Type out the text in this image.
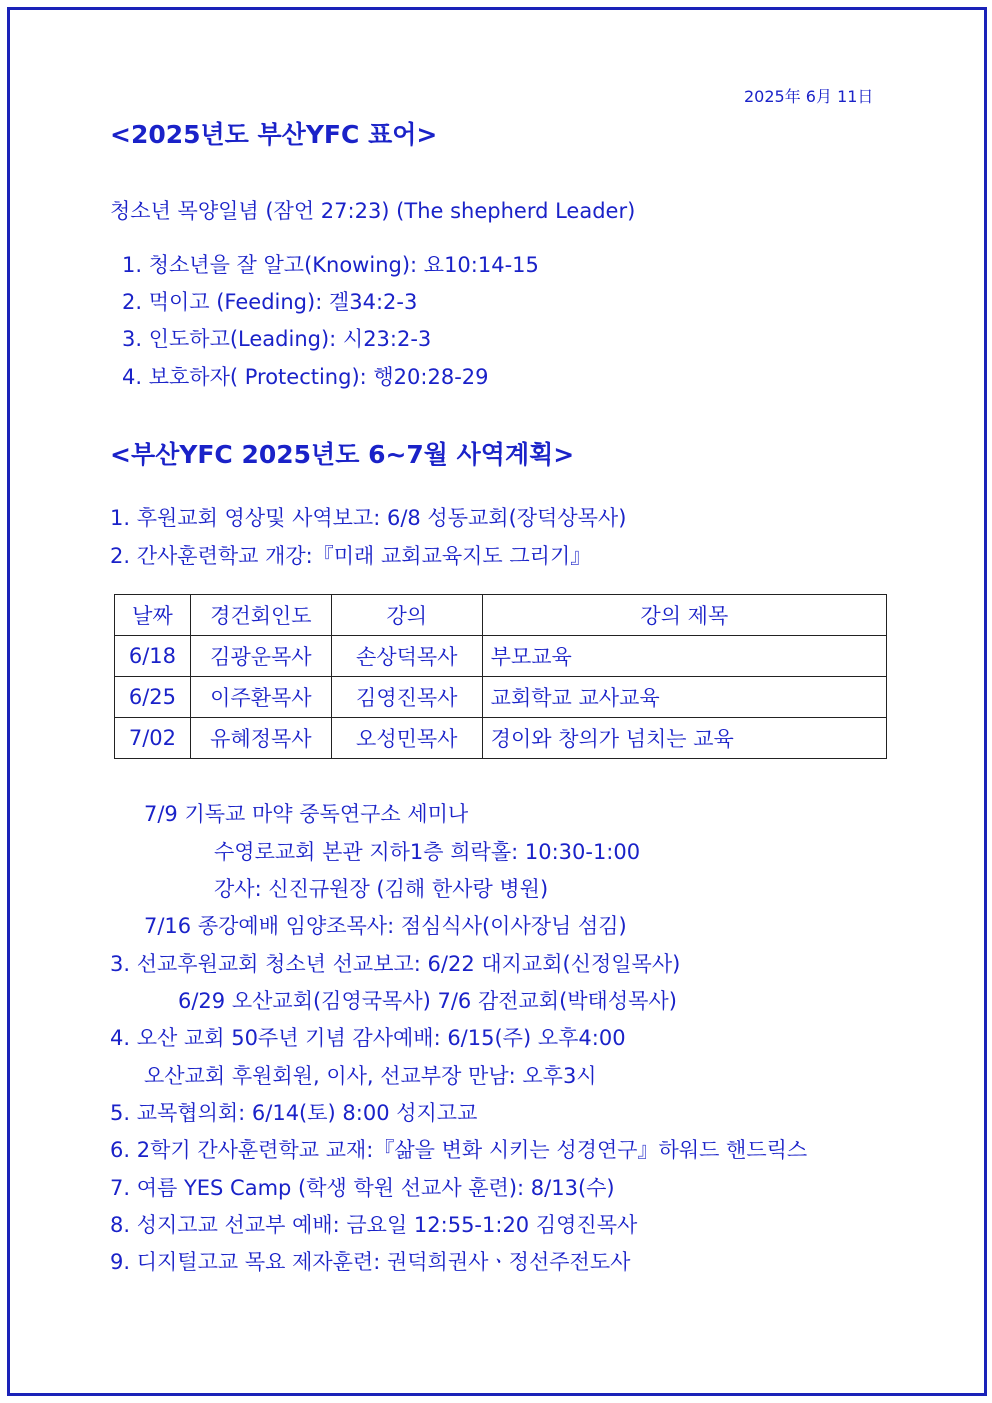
2025年 6月 11日
<2025년도 부산YFC 표어>
청소년 목양일념 (잠언 27:23) (The shepherd Leader)
1. 청소년을 잘 알고(Knowing): 요10:14-15
2. 먹이고 (Feeding): 겔34:2-3
3. 인도하고(Leading): 시23:2-3
4. 보호하자( Protecting): 행20:28-29
<부산YFC 2025년도 6~7월 사역계획>
1. 후원교회 영상및 사역보고: 6/8 성동교회(장덕상목사)
2. 간사훈련학교 개강:『미래 교회교육지도 그리기』
날짜	경건회인도	강의	강의 제목
6/18	김광운목사	손상덕목사	부모교육
6/25	이주환목사	김영진목사	교회학교 교사교육
7/02	유혜정목사	오성민목사	경이와 창의가 넘치는 교육
7/9 기독교 마약 중독연구소 세미나
수영로교회 본관 지하1층 희락홀: 10:30-1:00
강사: 신진규원장 (김해 한사랑 병원)
7/16 종강예배 임양조목사: 점심식사(이사장님 섬김)
3. 선교후원교회 청소년 선교보고: 6/22 대지교회(신정일목사)
6/29 오산교회(김영국목사) 7/6 감전교회(박태성목사)
4. 오산 교회 50주년 기념 감사예배: 6/15(주) 오후4:00
오산교회 후원회원, 이사, 선교부장 만남: 오후3시
5. 교목협의회: 6/14(토) 8:00 성지고교
6. 2학기 간사훈련학교 교재:『삶을 변화 시키는 성경연구』하워드 핸드릭스
7. 여름 YES Camp (학생 학원 선교사 훈련): 8/13(수)
8. 성지고교 선교부 예배: 금요일 12:55-1:20 김영진목사
9. 디지털고교 목요 제자훈련: 권덕희권사ㆍ정선주전도사
